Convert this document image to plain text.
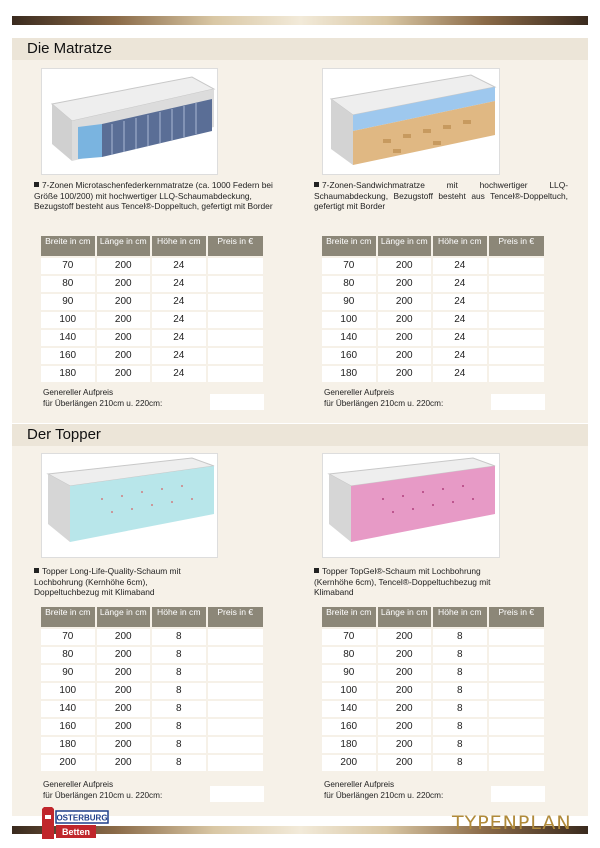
Die Matratze
Der Topper
7-Zonen Microtaschenfederkernmatratze (ca. 1000 Federn bei Größe 100/200) mit hochwertiger LLQ-Schaumabdeckung, Bezugstoff besteht aus Tencel®-Doppeltuch, gefertigt mit Border
7-Zonen-Sandwichmatratze mit hochwertiger LLQ-Schaumabdeckung, Bezugstoff besteht aus Tencel®-Doppeltuch, gefertigt mit Border
Topper Long-Life-Quality-Schaum mit Lochbohrung (Kernhöhe 6cm), Doppeltuchbezug mit Klimaband
Topper TopGel®-Schaum mit Lochbohrung (Kernhöhe 6cm), Tencel®-Doppeltuchbezug mit Klimaband
Breite in cm	Länge in cm	Höhe in cm	Preis in €
70	200	24
80	200	24
90	200	24
100	200	24
140	200	24
160	200	24
180	200	24
Breite in cm	Länge in cm	Höhe in cm	Preis in €
70	200	24
80	200	24
90	200	24
100	200	24
140	200	24
160	200	24
180	200	24
Breite in cm	Länge in cm	Höhe in cm	Preis in €
70	200	8
80	200	8
90	200	8
100	200	8
140	200	8
160	200	8
180	200	8
200	200	8
Breite in cm	Länge in cm	Höhe in cm	Preis in €
70	200	8
80	200	8
90	200	8
100	200	8
140	200	8
160	200	8
180	200	8
200	200	8
Genereller Aufpreis
für Überlängen 210cm u. 220cm:
Genereller Aufpreis
für Überlängen 210cm u. 220cm:
Genereller Aufpreis
für Überlängen 210cm u. 220cm:
Genereller Aufpreis
für Überlängen 210cm u. 220cm:
OSTERBURG
Betten	TYPENPLAN
